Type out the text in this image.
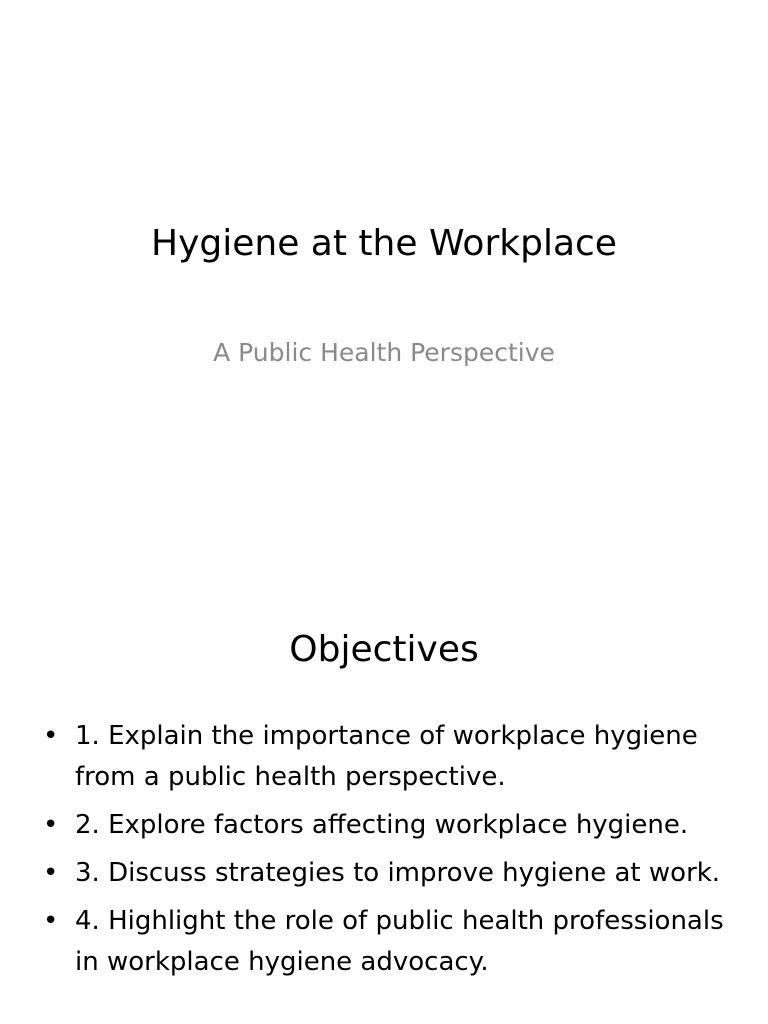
Hygiene at the Workplace
A Public Health Perspective
Objectives
• 1. Explain the importance of workplace hygiene from a public health perspective.
• 2. Explore factors affecting workplace hygiene.
• 3. Discuss strategies to improve hygiene at work.
• 4. Highlight the role of public health professionals in workplace hygiene advocacy.
